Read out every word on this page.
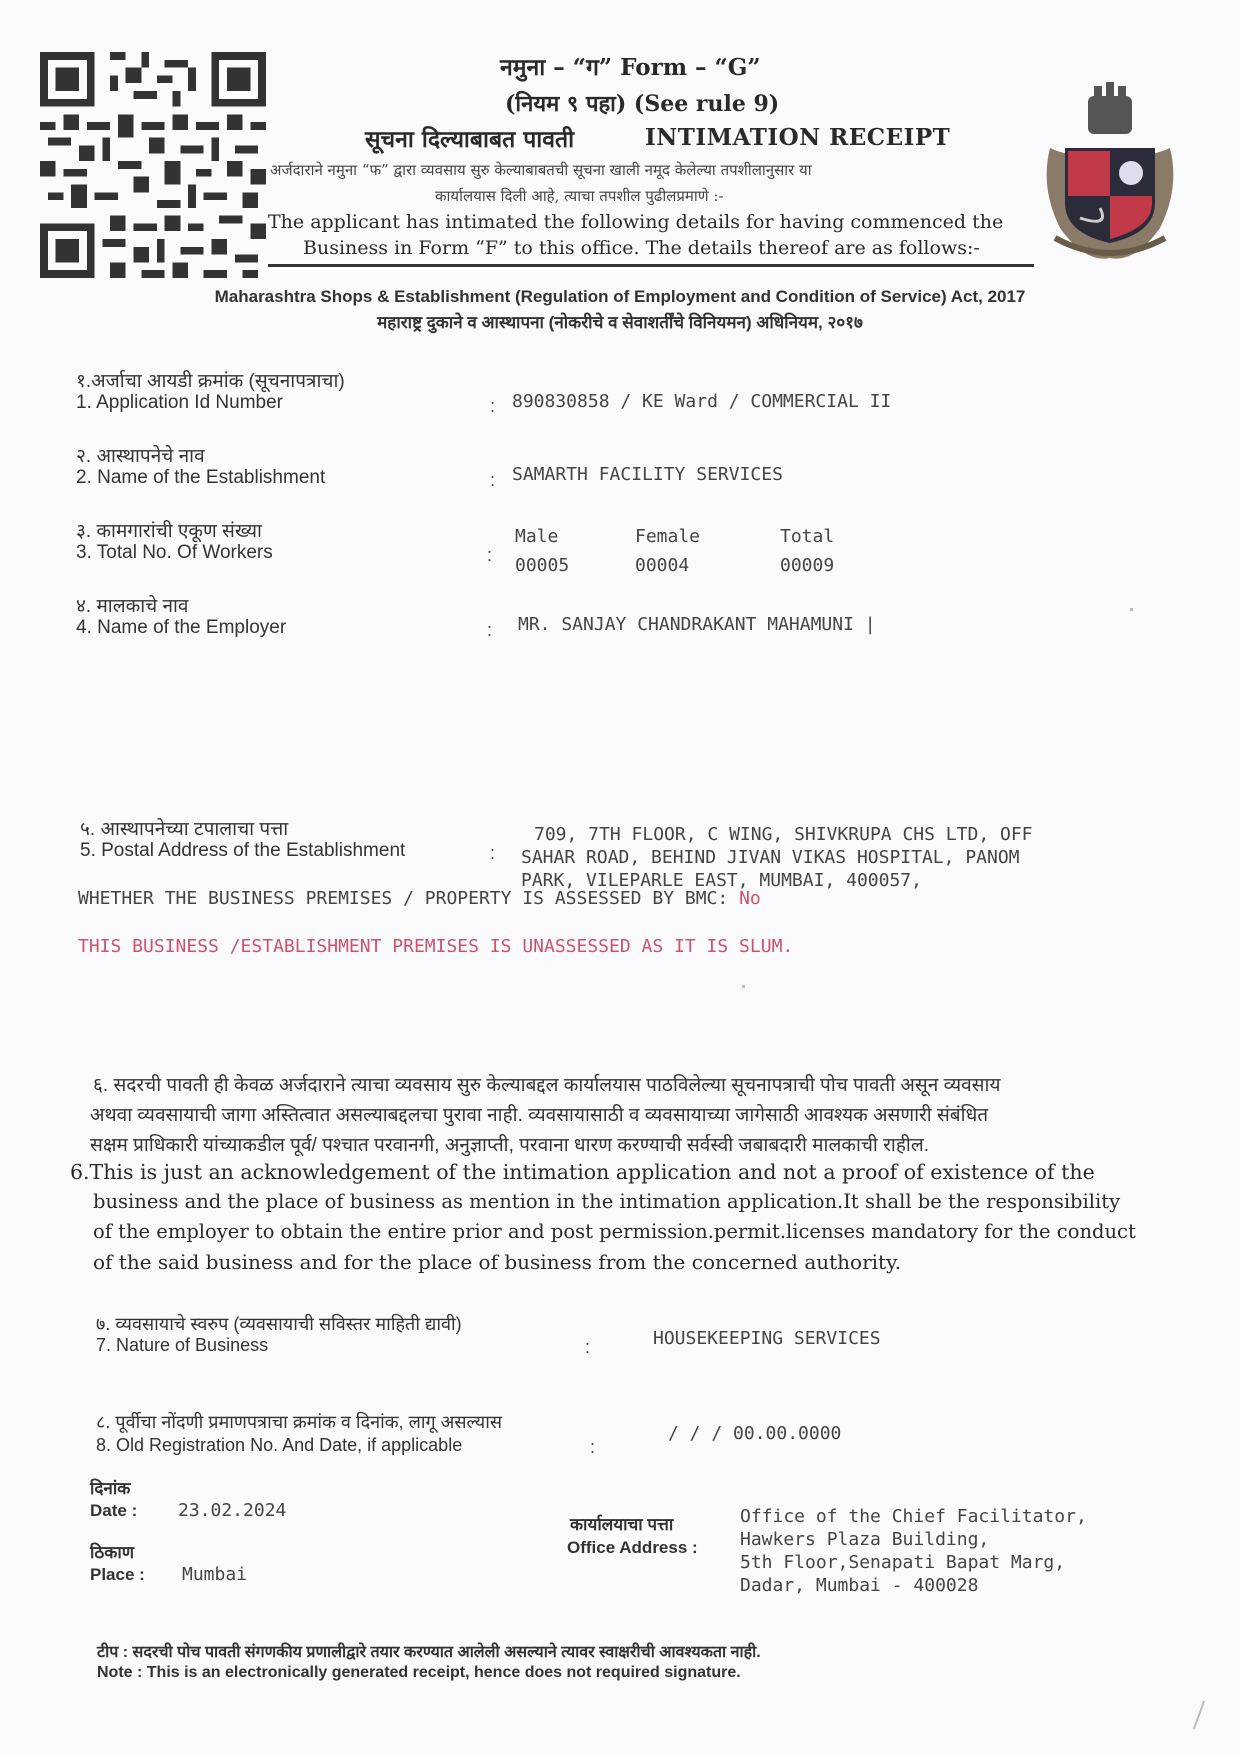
नमुना – “ग” Form – “G”
(नियम ९ पहा) (See rule 9)
सूचना दिल्याबाबत पावती	INTIMATION RECEIPT
अर्जदाराने नमुना “फ” द्वारा व्यवसाय सुरु केल्याबाबतची सूचना खाली नमूद केलेल्या तपशीलानुसार या
कार्यालयास दिली आहे, त्याचा तपशील पुढीलप्रमाणे :-
The applicant has intimated the following details for having commenced the
Business in Form “F” to this office. The details thereof are as follows:-
Maharashtra Shops & Establishment (Regulation of Employment and Condition of Service) Act, 2017
महाराष्ट्र दुकाने व आस्थापना (नोकरीचे व सेवाशर्तींचे विनियमन) अधिनियम, २०१७
१.अर्जाचा आयडी क्रमांक (सूचनापत्राचा)
1. Application Id Number	: 890830858 / KE Ward / COMMERCIAL II
२. आस्थापनेचे नाव
2. Name of the Establishment	: SAMARTH FACILITY SERVICES
३. कामगारांची एकूण संख्या
3. Total No. Of Workers	:
Male	Female	Total
00005	00004	00009
४. मालकाचे नाव
4. Name of the Employer	: MR. SANJAY CHANDRAKANT MAHAMUNI |
५. आस्थापनेच्या टपालाचा पत्ता
5. Postal Address of the Establishment	:
709, 7TH FLOOR, C WING, SHIVKRUPA CHS LTD, OFF
SAHAR ROAD, BEHIND JIVAN VIKAS HOSPITAL, PANOM
PARK, VILEPARLE EAST, MUMBAI, 400057,
WHETHER THE BUSINESS PREMISES / PROPERTY IS ASSESSED BY BMC: No
THIS BUSINESS /ESTABLISHMENT PREMISES IS UNASSESSED AS IT IS SLUM.
६. सदरची पावती ही केवळ अर्जदाराने त्याचा व्यवसाय सुरु केल्याबद्दल कार्यालयास पाठविलेल्या सूचनापत्राची पोच पावती असून व्यवसाय
अथवा व्यवसायाची जागा अस्तित्वात असल्याबद्दलचा पुरावा नाही. व्यवसायासाठी व व्यवसायाच्या जागेसाठी आवश्यक असणारी संबंधित
सक्षम प्राधिकारी यांच्याकडील पूर्व/ पश्चात परवानगी, अनुज्ञाप्ती, परवाना धारण करण्याची सर्वस्वी जबाबदारी मालकाची राहील.
6.This is just an acknowledgement of the intimation application and not a proof of existence of the
business and the place of business as mention in the intimation application.It shall be the responsibility
of the employer to obtain the entire prior and post permission.permit.licenses mandatory for the conduct
of the said business and for the place of business from the concerned authority.
७. व्यवसायाचे स्वरुप (व्यवसायाची सविस्तर माहिती द्यावी)
7. Nature of Business	:	HOUSEKEEPING SERVICES
८. पूर्वीचा नोंदणी प्रमाणपत्राचा क्रमांक व दिनांक, लागू असल्यास
8. Old Registration No. And Date, if applicable	:
/ / / 00.00.0000
दिनांक
Date : 23.02.2024
ठिकाण
Place : Mumbai
कार्यालयाचा पत्ता
Office Address :
Office of the Chief Facilitator,
Hawkers Plaza Building,
5th Floor,Senapati Bapat Marg,
Dadar, Mumbai - 400028
टीप : सदरची पोच पावती संगणकीय प्रणालीद्वारे तयार करण्यात आलेली असल्याने त्यावर स्वाक्षरीची आवश्यकता नाही.
Note : This is an electronically generated receipt, hence does not required signature.
